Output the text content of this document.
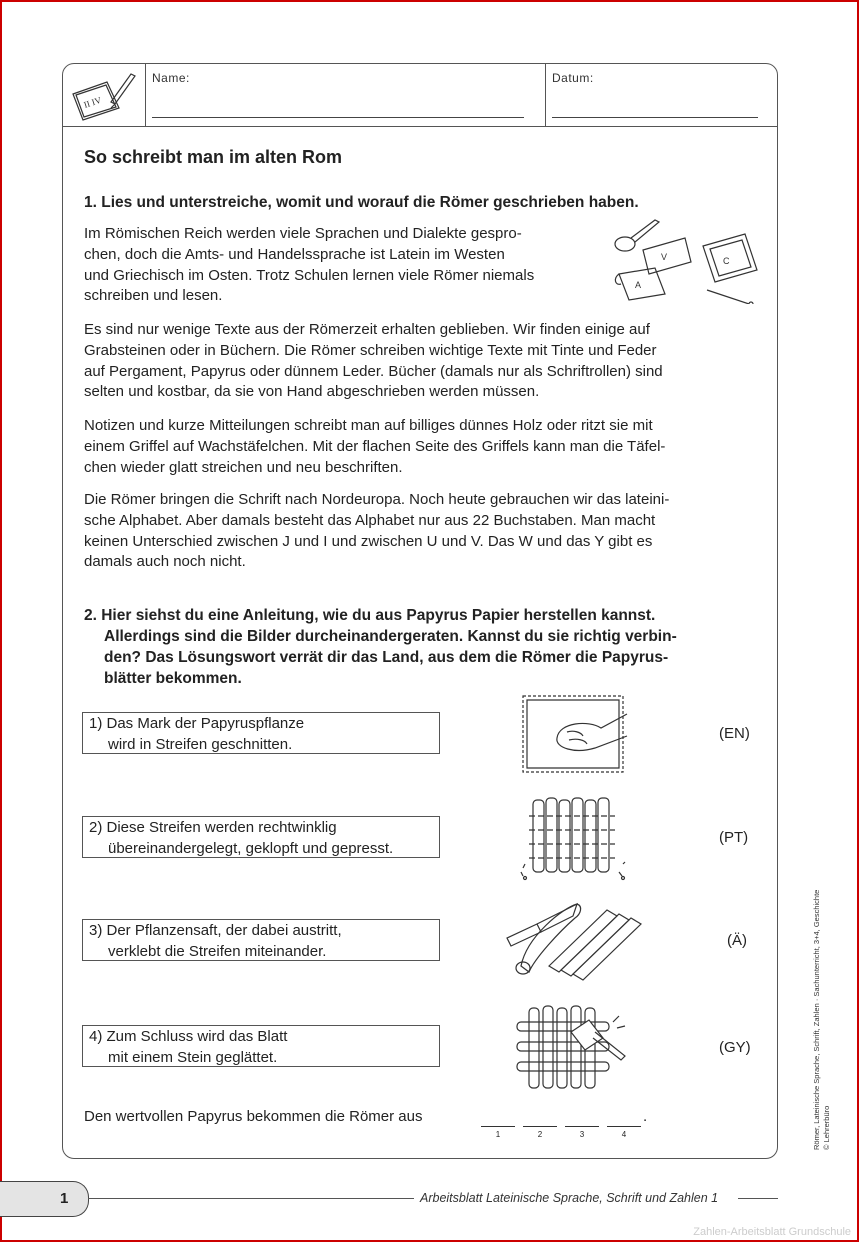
II IV
Name:	Datum:
So schreibt man im alten Rom
1. Lies und unterstreiche, womit und worauf die Römer geschrieben haben.
Im Römischen Reich werden viele Sprachen und Dialekte gespro-
chen, doch die Amts- und Handelssprache ist Latein im Westen
und Griechisch im Osten. Trotz Schulen lernen viele Römer niemals
schreiben und lesen.
A
V	C
Es sind nur wenige Texte aus der Römerzeit erhalten geblieben. Wir finden einige auf
Grabsteinen oder in Büchern. Die Römer schreiben wichtige Texte mit Tinte und Feder
auf Pergament, Papyrus oder dünnem Leder. Bücher (damals nur als Schriftrollen) sind
selten und kostbar, da sie von Hand abgeschrieben werden müssen.
Notizen und kurze Mitteilungen schreibt man auf billiges dünnes Holz oder ritzt sie mit
einem Griffel auf Wachstäfelchen. Mit der flachen Seite des Griffels kann man die Täfel-
chen wieder glatt streichen und neu beschriften.
Die Römer bringen die Schrift nach Nordeuropa. Noch heute gebrauchen wir das lateini-
sche Alphabet. Aber damals besteht das Alphabet nur aus 22 Buchstaben. Man macht
keinen Unterschied zwischen J und I und zwischen U und V. Das W und das Y gibt es
damals auch noch nicht.
2. Hier siehst du eine Anleitung, wie du aus Papyrus Papier herstellen kannst.
Allerdings sind die Bilder durcheinandergeraten. Kannst du sie richtig verbin-
den? Das Lösungswort verrät dir das Land, aus dem die Römer die Papyrus-
blätter bekommen.
1) Das Mark der Papyruspflanze
wird in Streifen geschnitten.
2) Diese Streifen werden rechtwinklig
übereinandergelegt, geklopft und gepresst.
3) Der Pflanzensaft, der dabei austritt,
verklebt die Streifen miteinander.
4) Zum Schluss wird das Blatt
mit einem Stein geglättet.
(EN)
(PT)
(Ä)
(GY)
Den wertvollen Papyrus bekommen die Römer aus	.
1	2	3	4	Römer, Lateinische Sprache, Schrift, Zahlen · Sachunterricht, 3+4, Geschichte © Lehrerbüro
1	Arbeitsblatt Lateinische Sprache, Schrift und Zahlen 1
Zahlen-Arbeitsblatt Grundschule
